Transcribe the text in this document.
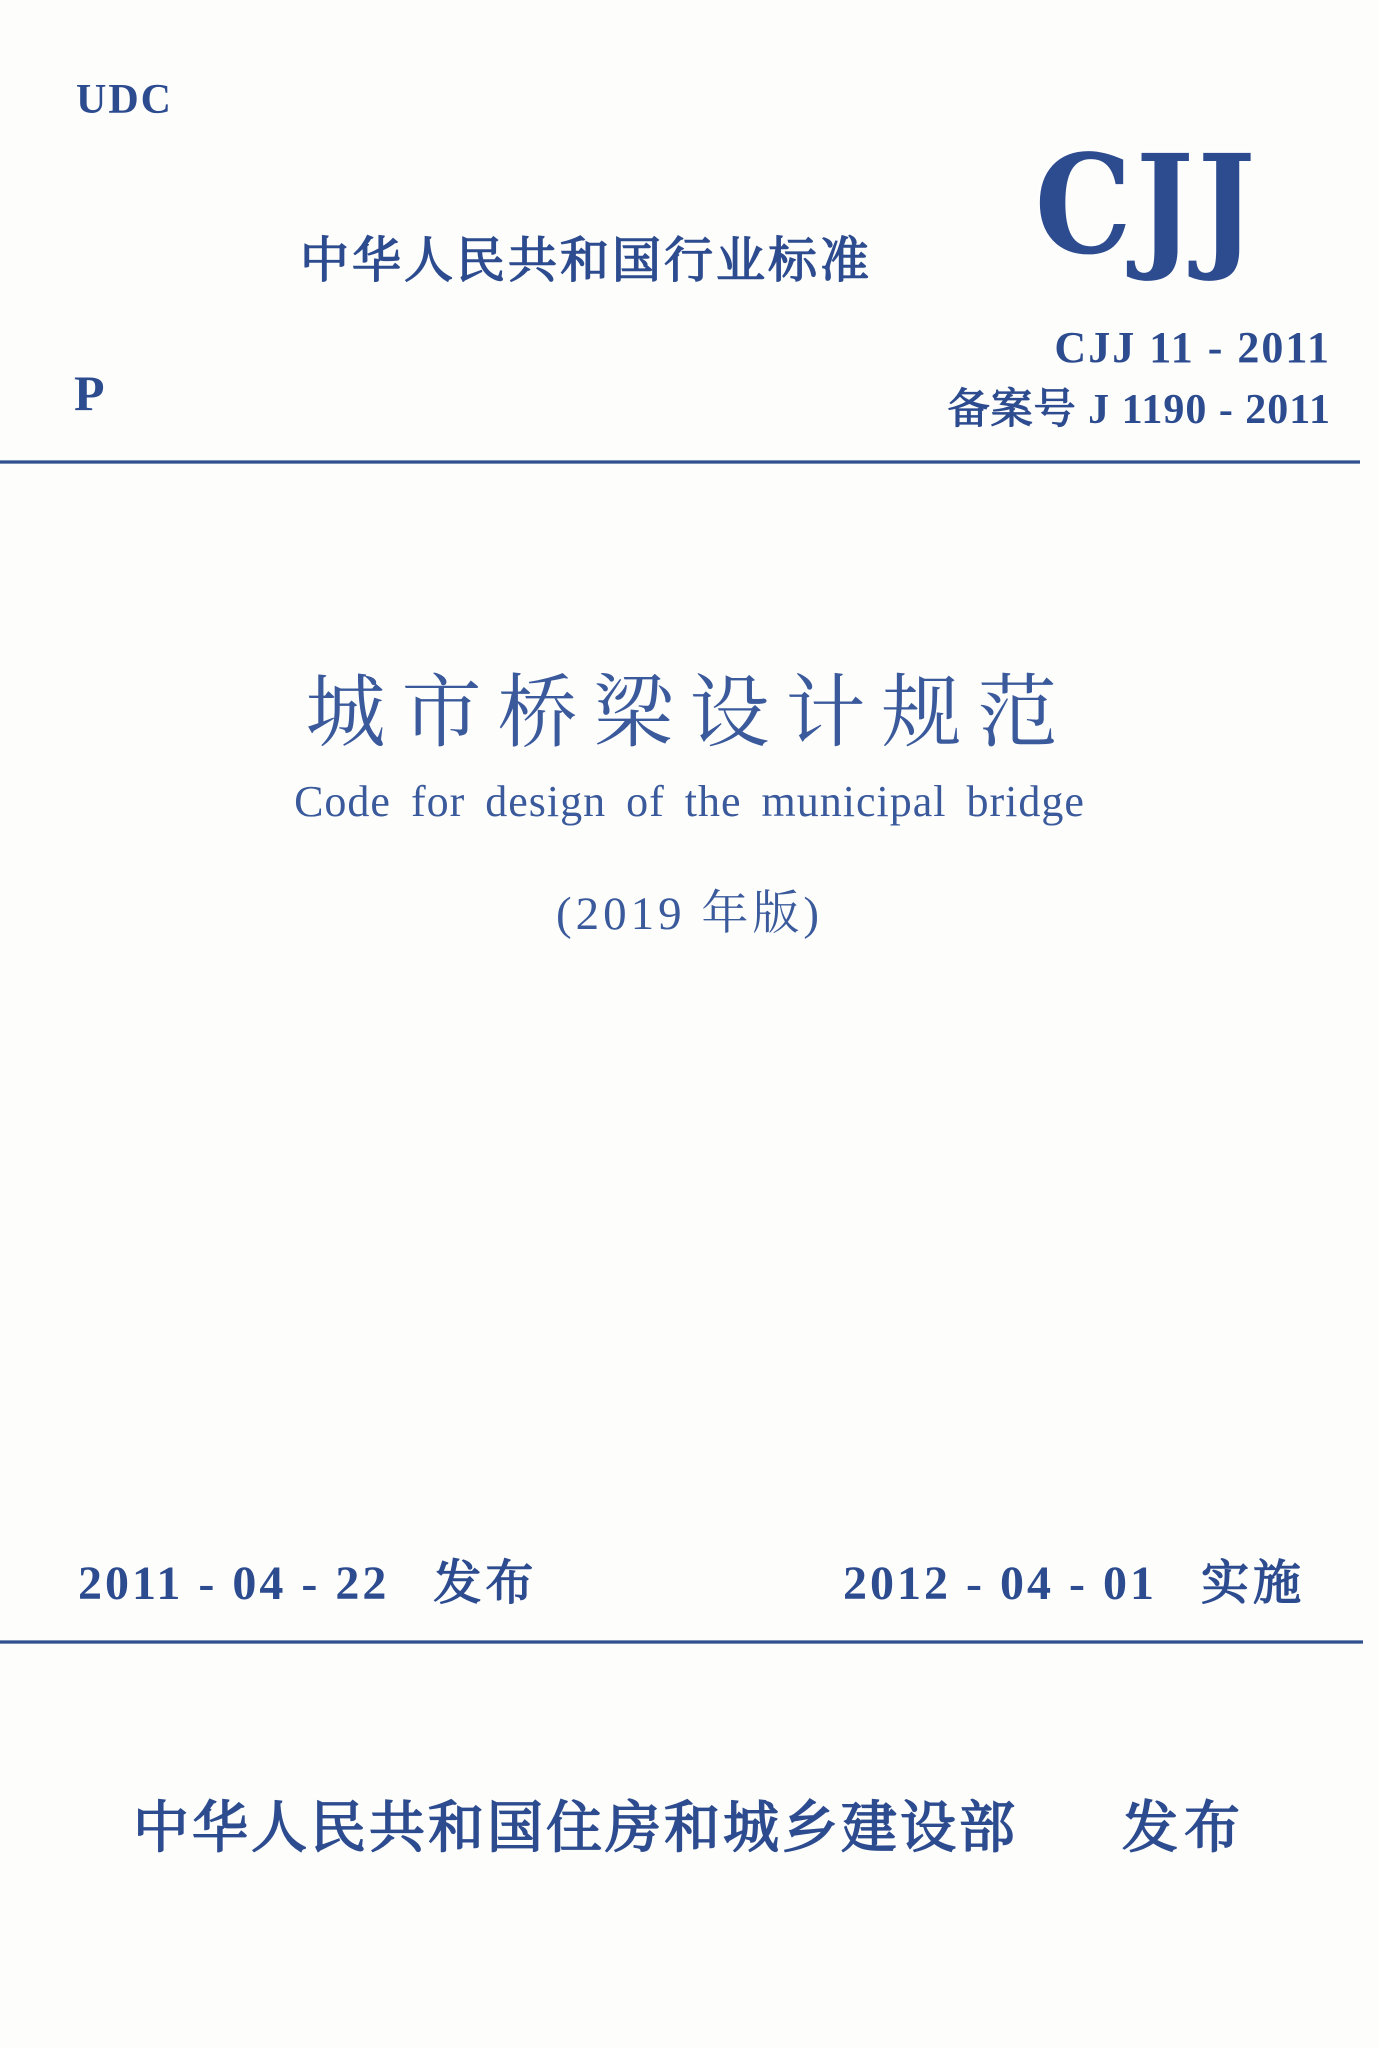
UDC
中华人民共和国行业标准 CJJ
CJJ 11 - 2011
备案号 J 1190 - 2011
P
城市桥梁设计规范
Code for design of the municipal bridge
(2019 年版)
2011 - 04 - 22 发布	2012 - 04 - 01 实施
中华人民共和国住房和城乡建设部 发布
